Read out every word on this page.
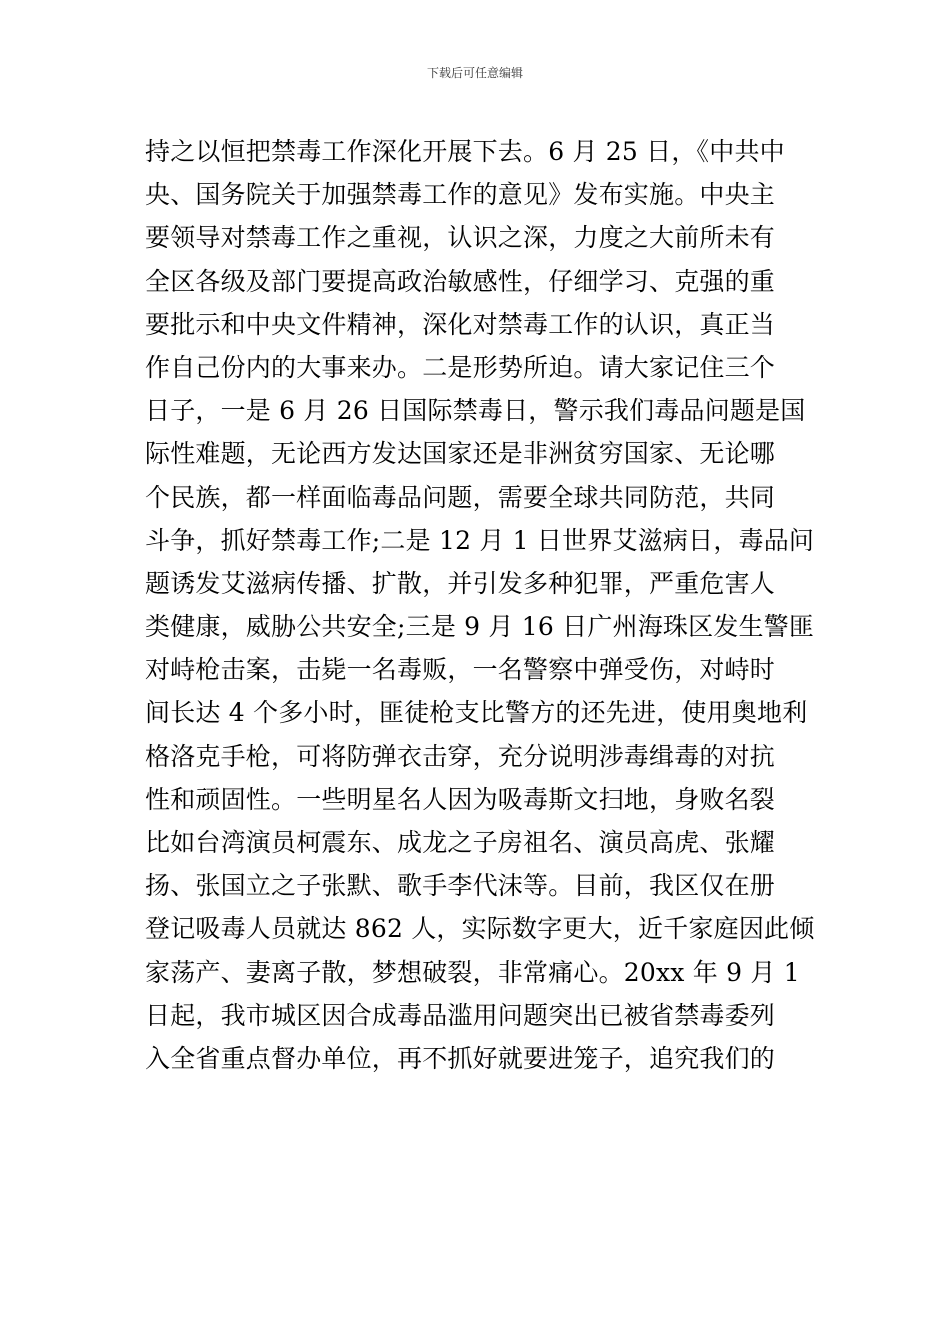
下载后可任意编辑
持之以恒把禁毒工作深化开展下去。6 月 25 日，《中共中
央、国务院关于加强禁毒工作的意见》发布实施。中央主
要领导对禁毒工作之重视，认识之深，力度之大前所未有
全区各级及部门要提高政治敏感性，仔细学习、克强的重
要批示和中央文件精神，深化对禁毒工作的认识，真正当
作自己份内的大事来办。二是形势所迫。请大家记住三个
日子，一是 6 月 26 日国际禁毒日，警示我们毒品问题是国
际性难题，无论西方发达国家还是非洲贫穷国家、无论哪
个民族，都一样面临毒品问题，需要全球共同防范，共同
斗争，抓好禁毒工作;二是 12 月 1 日世界艾滋病日，毒品问
题诱发艾滋病传播、扩散，并引发多种犯罪，严重危害人
类健康，威胁公共安全;三是 9 月 16 日广州海珠区发生警匪
对峙枪击案，击毙一名毒贩，一名警察中弹受伤，对峙时
间长达 4 个多小时，匪徒枪支比警方的还先进，使用奥地利
格洛克手枪，可将防弹衣击穿，充分说明涉毒缉毒的对抗
性和顽固性。一些明星名人因为吸毒斯文扫地，身败名裂
比如台湾演员柯震东、成龙之子房祖名、演员高虎、张耀
扬、张国立之子张默、歌手李代沫等。目前，我区仅在册
登记吸毒人员就达 862 人，实际数字更大，近千家庭因此倾
家荡产、妻离子散，梦想破裂，非常痛心。20xx 年 9 月 1
日起，我市城区因合成毒品滥用问题突出已被省禁毒委列
入全省重点督办单位，再不抓好就要进笼子，追究我们的
